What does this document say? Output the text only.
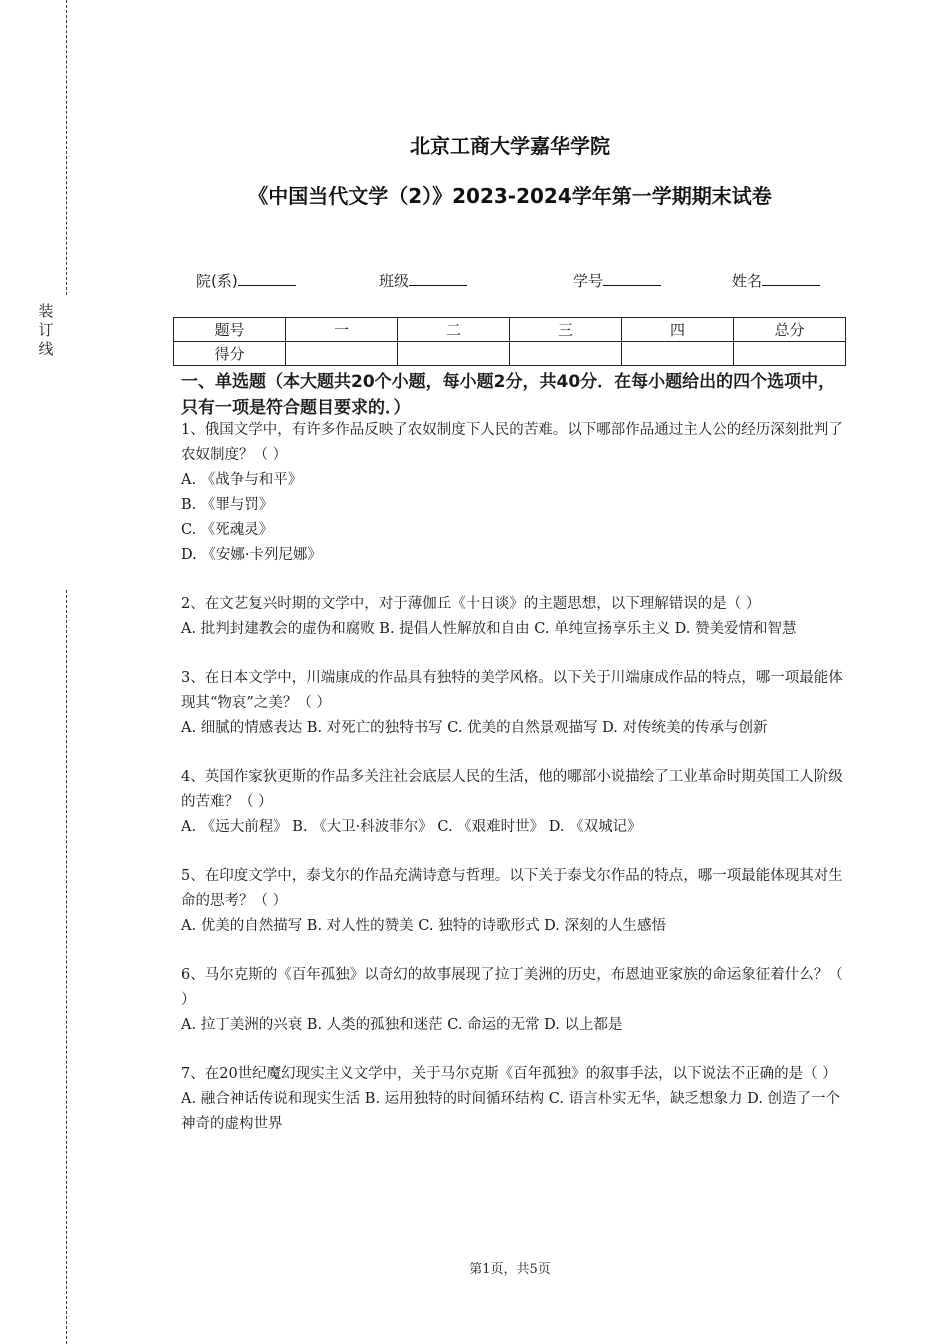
装
订
线
北京工商大学嘉华学院
《中国当代文学（2）》2023-2024学年第一学期期末试卷
院(系)	班级	学号	姓名
题号	一	二	三	四	总分
得分					
一、单选题（本大题共20个小题，每小题2分，共40分．在每小题给出的四个选项中，只有一项是符合题目要求的．）

1、俄国文学中，有许多作品反映了农奴制度下人民的苦难。以下哪部作品通过主人公的经历深刻批判了农奴制度？（ ）

A. 《战争与和平》

B. 《罪与罚》

C. 《死魂灵》

D. 《安娜·卡列尼娜》

2、在文艺复兴时期的文学中，对于薄伽丘《十日谈》的主题思想，以下理解错误的是（ ）

A. 批判封建教会的虚伪和腐败 B. 提倡人性解放和自由 C. 单纯宣扬享乐主义 D. 赞美爱情和智慧

3、在日本文学中，川端康成的作品具有独特的美学风格。以下关于川端康成作品的特点，哪一项最能体现其“物哀”之美？（ ）

A. 细腻的情感表达 B. 对死亡的独特书写 C. 优美的自然景观描写 D. 对传统美的传承与创新

4、英国作家狄更斯的作品多关注社会底层人民的生活，他的哪部小说描绘了工业革命时期英国工人阶级的苦难？（ ）

A. 《远大前程》 B. 《大卫·科波菲尔》 C. 《艰难时世》 D. 《双城记》

5、在印度文学中，泰戈尔的作品充满诗意与哲理。以下关于泰戈尔作品的特点，哪一项最能体现其对生命的思考？（ ）

A. 优美的自然描写 B. 对人性的赞美 C. 独特的诗歌形式 D. 深刻的人生感悟

6、马尔克斯的《百年孤独》以奇幻的故事展现了拉丁美洲的历史，布恩迪亚家族的命运象征着什么？（ ）

A. 拉丁美洲的兴衰 B. 人类的孤独和迷茫 C. 命运的无常 D. 以上都是

7、在20世纪魔幻现实主义文学中，关于马尔克斯《百年孤独》的叙事手法，以下说法不正确的是（ ）

A. 融合神话传说和现实生活 B. 运用独特的时间循环结构 C. 语言朴实无华，缺乏想象力 D. 创造了一个神奇的虚构世界

第1页，共5页
